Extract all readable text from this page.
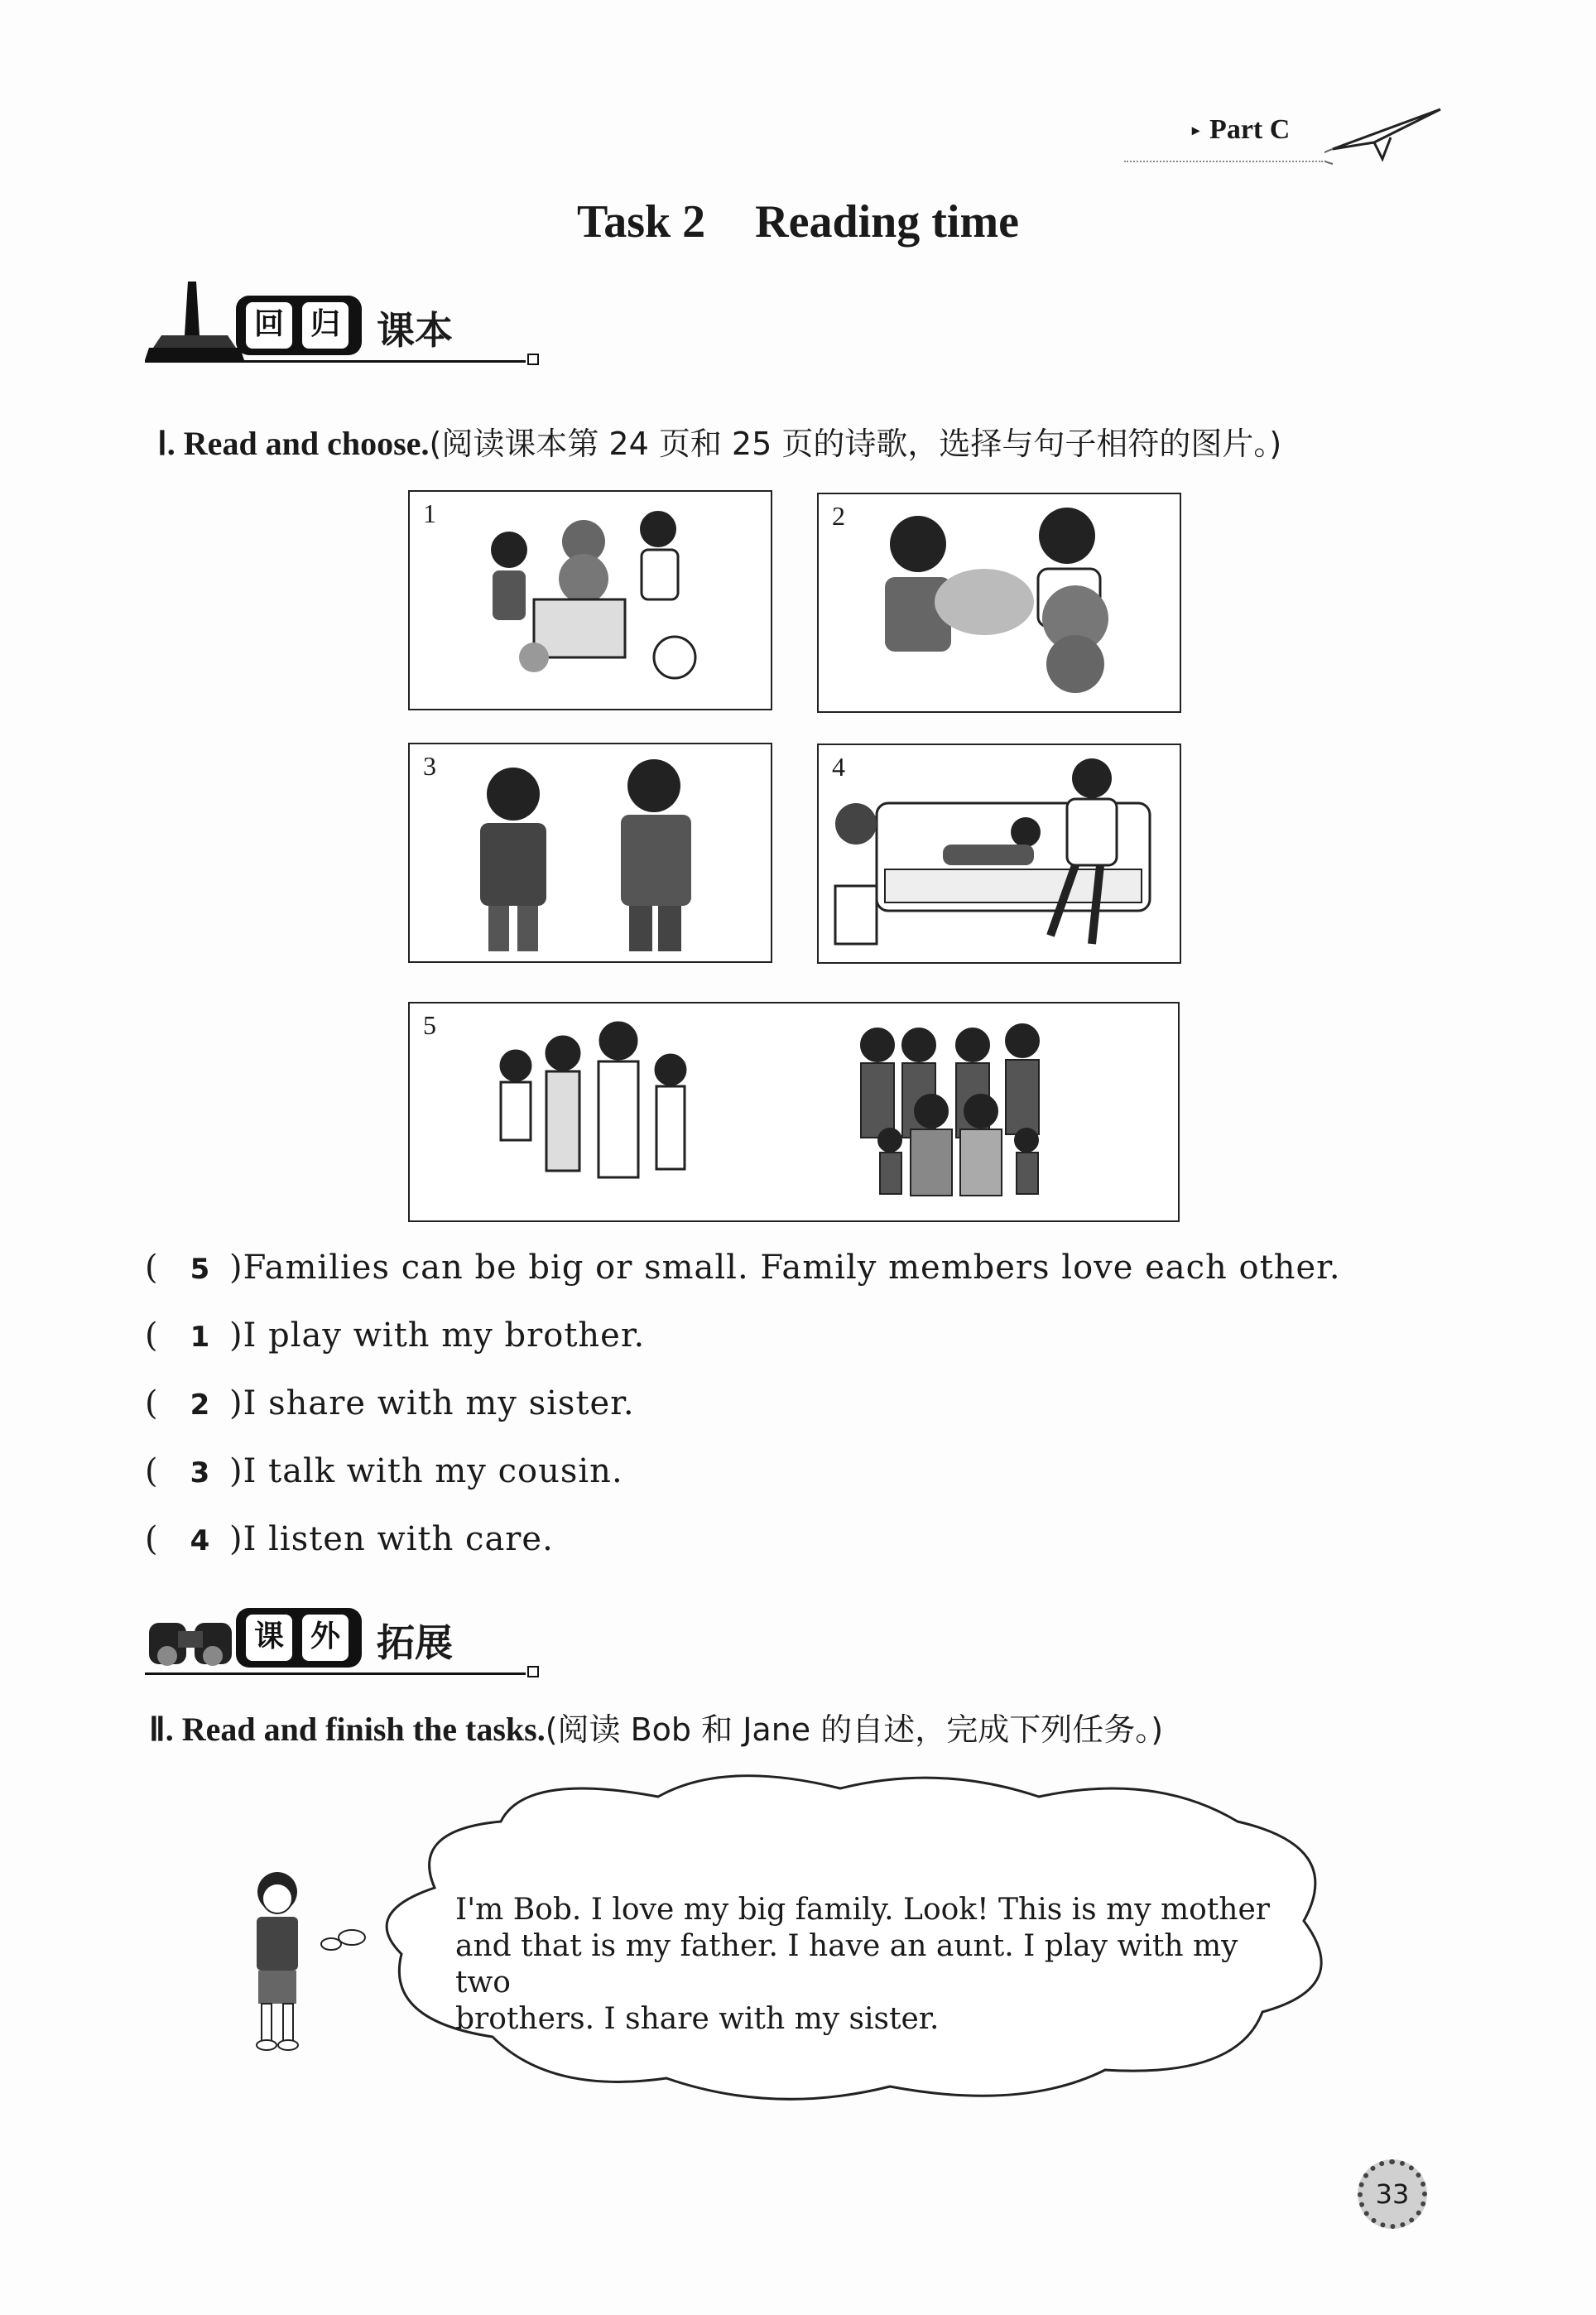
▸ Part C
Task 2 Reading time
回 归 课本
Ⅰ. Read and choose.(阅读课本第 24 页和 25 页的诗歌，选择与句子相符的图片。)
1	2
3	4
5
( 5 )Families can be big or small. Family members love each other.
( 1 )I play with my brother.
( 2 )I share with my sister.
( 3 )I talk with my cousin.
( 4 )I listen with care.
课 外 拓展
Ⅱ. Read and finish the tasks.(阅读 Bob 和 Jane 的自述，完成下列任务。)
I'm Bob. I love my big family. Look! This is my mother
and that is my father. I have an aunt. I play with my two
brothers. I share with my sister.
33
